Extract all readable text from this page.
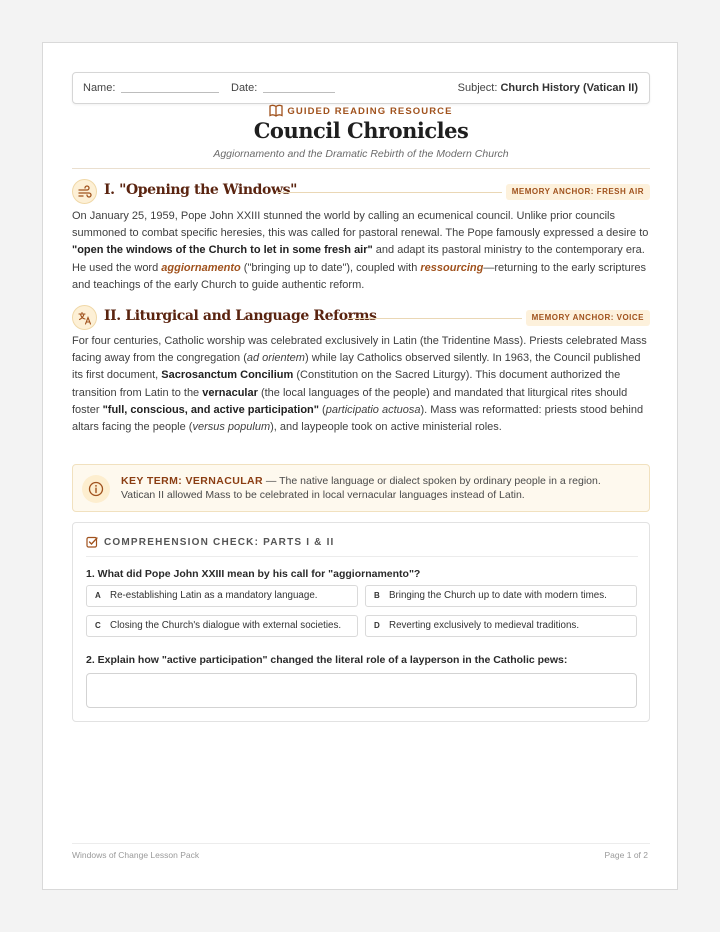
Name:	Date:	Subject: Church History (Vatican II)
GUIDED READING RESOURCE
Council Chronicles
Aggiornamento and the Dramatic Rebirth of the Modern Church
I. "Opening the Windows"	MEMORY ANCHOR: FRESH AIR
On January 25, 1959, Pope John XXIII stunned the world by calling an ecumenical council. Unlike prior councils summoned to combat specific heresies, this was called for pastoral renewal. The Pope famously expressed a desire to "open the windows of the Church to let in some fresh air" and adapt its pastoral ministry to the contemporary era. He used the word aggiornamento ("bringing up to date"), coupled with ressourcing—returning to the early scriptures and teachings of the early Church to guide authentic reform.
II. Liturgical and Language Reforms	MEMORY ANCHOR: VOICE
For four centuries, Catholic worship was celebrated exclusively in Latin (the Tridentine Mass). Priests celebrated Mass facing away from the congregation (ad orientem) while lay Catholics observed silently. In 1963, the Council published its first document, Sacrosanctum Concilium (Constitution on the Sacred Liturgy). This document authorized the transition from Latin to the vernacular (the local languages of the people) and mandated that liturgical rites should foster "full, conscious, and active participation" (participatio actuosa). Mass was reformatted: priests stood behind altars facing the people (versus populum), and laypeople took on active ministerial roles.
KEY TERM: VERNACULAR — The native language or dialect spoken by ordinary people in a region. Vatican II allowed Mass to be celebrated in local vernacular languages instead of Latin.
COMPREHENSION CHECK: PARTS I & II
1. What did Pope John XXIII mean by his call for "aggiornamento"?
A Re-establishing Latin as a mandatory language.	B Bringing the Church up to date with modern times.
C Closing the Church's dialogue with external societies.	D Reverting exclusively to medieval traditions.
2. Explain how "active participation" changed the literal role of a layperson in the Catholic pews:
Windows of Change Lesson Pack	Page 1 of 2
